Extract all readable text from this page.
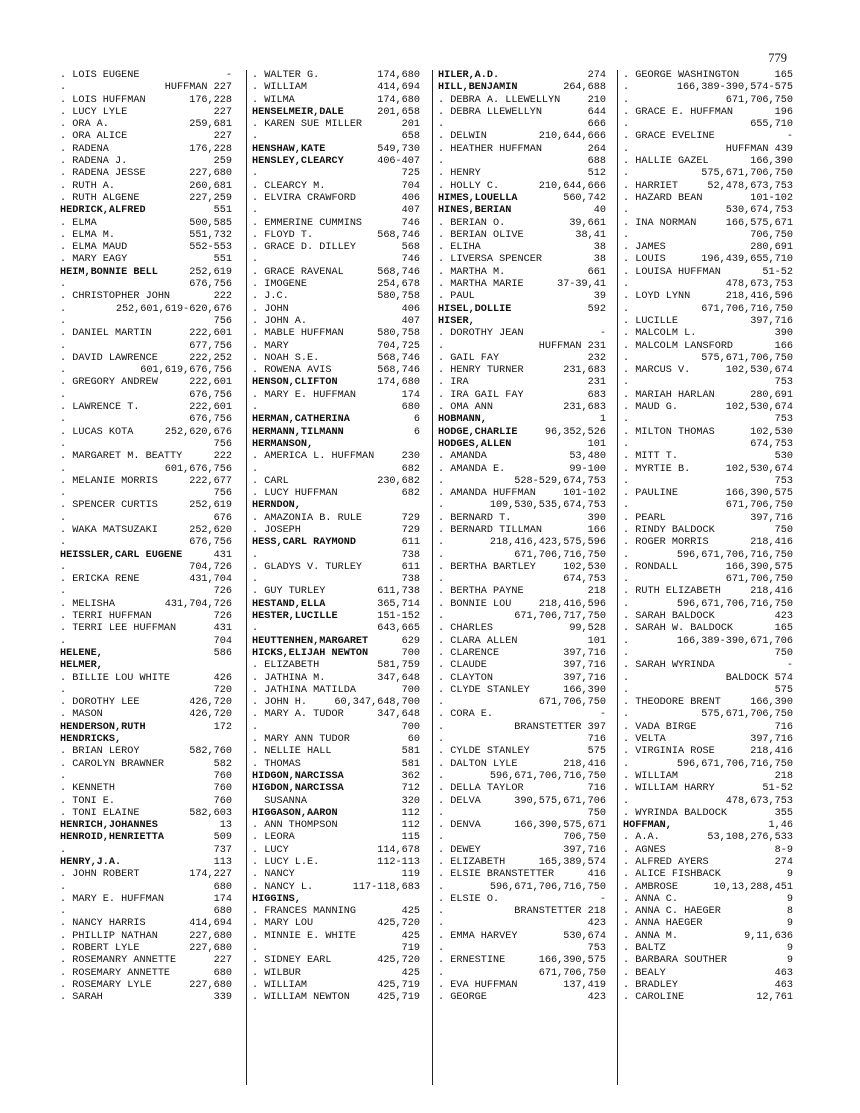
779
. LOIS EUGENE	-
.	HUFFMAN 227
. LOIS HUFFMAN	176,228
. LUCY LYLE	227
. ORA A.	259,681
. ORA ALICE	227
. RADENA	176,228
. RADENA J.	259
. RADENA JESSE	227,680
. RUTH A.	260,681
. RUTH ALGENE	227,259
HEDRICK,ALFRED	551
. ELMA	500,585
. ELMA M.	551,732
. ELMA MAUD	552-553
. MARY EAGY	551
HEIM,BONNIE BELL	252,619
.	676,756
. CHRISTOPHER JOHN	222
.	252,601,619-620,676
.	756
. DANIEL MARTIN	222,601
.	677,756
. DAVID LAWRENCE	222,252
.	601,619,676,756
. GREGORY ANDREW	222,601
.	676,756
. LAWRENCE T.	222,601
.	676,756
. LUCAS KOTA	252,620,676
.	756
. MARGARET M. BEATTY	222
.	601,676,756
. MELANIE MORRIS	222,677
.	756
. SPENCER CURTIS	252,619
.	676
. WAKA MATSUZAKI	252,620
.	676,756
HEISSLER,CARL EUGENE	431
.	704,726
. ERICKA RENE	431,704
.	726
. MELISHA	431,704,726
. TERRI HUFFMAN	726
. TERRI LEE HUFFMAN	431
.	704
HELENE,	586
HELMER,
. BILLIE LOU WHITE	426
.	720
. DOROTHY LEE	426,720
. MASON	426,720
HENDERSON,RUTH	172
HENDRICKS,
. BRIAN LEROY	582,760
. CAROLYN BRAWNER	582
.	760
. KENNETH	760
. TONI E.	760
. TONI ELAINE	582,603
HENRICH,JOHANNES	13
HENROID,HENRIETTA	509
.	737
HENRY,J.A.	113
. JOHN ROBERT	174,227
.	680
. MARY E. HUFFMAN	174
.	680
. NANCY HARRIS	414,694
. PHILLIP NATHAN	227,680
. ROBERT LYLE	227,680
. ROSEMANRY ANNETTE	227
. ROSEMARY ANNETTE	680
. ROSEMARY LYLE	227,680
. SARAH	339
. WALTER G.	174,680
. WILLIAM	414,694
. WILMA	174,680
HENSELMEIR,DALE	201,658
. KAREN SUE MILLER	201
.	658
HENSHAW,KATE	549,730
HENSLEY,CLEARCY	406-407
.	725
. CLEARCY M.	704
. ELVIRA CRAWFORD	406
.	407
. EMMERINE CUMMINS	746
. FLOYD T.	568,746
. GRACE D. DILLEY	568
.	746
. GRACE RAVENAL	568,746
. IMOGENE	254,678
. J.C.	580,758
. JOHN	406
. JOHN A.	407
. MABLE HUFFMAN	580,758
. MARY	704,725
. NOAH S.E.	568,746
. ROWENA AVIS	568,746
HENSON,CLIFTON	174,680
. MARY E. HUFFMAN	174
.	680
HERMAN,CATHERINA	6
HERMANN,TILMANN	6
HERMANSON,
. AMERICA L. HUFFMAN	230
.	682
. CARL	230,682
. LUCY HUFFMAN	682
HERNDON,
. AMAZONIA B. RULE	729
. JOSEPH	729
HESS,CARL RAYMOND	611
.	738
. GLADYS V. TURLEY	611
.	738
. GUY TURLEY	611,738
HESTAND,ELLA	365,714
HESTER,LUCILLE	151-152
.	643,665
HEUTTENHEN,MARGARET	629
HICKS,ELIJAH NEWTON	700
. ELIZABETH	581,759
. JATHINA M.	347,648
. JATHINA MATILDA	700
. JOHN H.	60,347,648,700
. MARY A. TUDOR	347,648
.	700
. MARY ANN TUDOR	60
. NELLIE HALL	581
. THOMAS	581
HIDGON,NARCISSA	362
HIGDON,NARCISSA	712
SUSANNA	320
HIGGASON,AARON	112
. ANN THOMPSON	112
. LEORA	115
. LUCY	114,678
. LUCY L.E.	112-113
. NANCY	119
. NANCY L.	117-118,683
HIGGINS,
. FRANCES MANNING	425
. MARY LOU	425,720
. MINNIE E. WHITE	425
.	719
. SIDNEY EARL	425,720
. WILBUR	425
. WILLIAM	425,719
. WILLIAM NEWTON	425,719
HILER,A.D.	274
HILL,BENJAMIN	264,688
. DEBRA A. LLEWELLYN	210
. DEBRA LLEWELLYN	644
.	666
. DELWIN	210,644,666
. HEATHER HUFFMAN	264
.	688
. HENRY	512
. HOLLY C.	210,644,666
HIMES,LOUELLA	560,742
HINES,BERIAN	40
. BERIAN O.	39,661
. BERIAN OLIVE	38,41
. ELIHA	38
. LIVERSA SPENCER	38
. MARTHA M.	661
. MARTHA MARIE	37-39,41
. PAUL	39
HISEL,DOLLIE	592
HISER,
. DOROTHY JEAN	-
.	HUFFMAN 231
. GAIL FAY	232
. HENRY TURNER	231,683
. IRA	231
. IRA GAIL FAY	683
. OMA ANN	231,683
HOBMANN,	1
HODGE,CHARLIE	96,352,526
HODGES,ALLEN	101
. AMANDA	53,480
. AMANDA E.	99-100
.	528-529,674,753
. AMANDA HUFFMAN	101-102
.	109,530,535,674,753
. BERNARD T.	390
. BERNARD TILLMAN	166
.	218,416,423,575,596
.	671,706,716,750
. BERTHA BARTLEY	102,530
.	674,753
. BERTHA PAYNE	218
. BONNIE LOU	218,416,596
.	671,706,717,750
. CHARLES	99,528
. CLARA ALLEN	101
. CLARENCE	397,716
. CLAUDE	397,716
. CLAYTON	397,716
. CLYDE STANLEY	166,390
.	671,706,750
. CORA E.	-
.	BRANSTETTER 397
.	716
. CYLDE STANLEY	575
. DALTON LYLE	218,416
.	596,671,706,716,750
. DELLA TAYLOR	716
. DELVA	390,575,671,706
.	750
. DENVA	166,390,575,671
.	706,750
. DEWEY	397,716
. ELIZABETH	165,389,574
. ELSIE BRANSTETTER	416
.	596,671,706,716,750
. ELSIE O.	-
.	BRANSTETTER 218
.	423
. EMMA HARVEY	530,674
.	753
. ERNESTINE	166,390,575
.	671,706,750
. EVA HUFFMAN	137,419
. GEORGE	423
. GEORGE WASHINGTON	165
.	166,389-390,574-575
.	671,706,750
. GRACE E. HUFFMAN	196
.	655,710
. GRACE EVELINE	-
.	HUFFMAN 439
. HALLIE GAZEL	166,390
.	575,671,706,750
. HARRIET	52,478,673,753
. HAZARD BEAN	101-102
.	530,674,753
. INA NORMAN	166,575,671
.	706,750
. JAMES	280,691
. LOUIS	196,439,655,710
. LOUISA HUFFMAN	51-52
.	478,673,753
. LOYD LYNN	218,416,596
.	671,706,716,750
. LUCILLE	397,716
. MALCOLM L.	390
. MALCOLM LANSFORD	166
.	575,671,706,750
. MARCUS V.	102,530,674
.	753
. MARIAH HARLAN	280,691
. MAUD G.	102,530,674
.	753
. MILTON THOMAS	102,530
.	674,753
. MITT T.	530
. MYRTIE B.	102,530,674
.	753
. PAULINE	166,390,575
.	671,706,750
. PEARL	397,716
. RINDY BALDOCK	750
. ROGER MORRIS	218,416
.	596,671,706,716,750
. RONDALL	166,390,575
.	671,706,750
. RUTH ELIZABETH	218,416
.	596,671,706,716,750
. SARAH BALDOCK	423
. SARAH W. BALDOCK	165
.	166,389-390,671,706
.	750
. SARAH WYRINDA	-
.	BALDOCK 574
.	575
. THEODORE BRENT	166,390
.	575,671,706,750
. VADA BIRGE	716
. VELTA	397,716
. VIRGINIA ROSE	218,416
.	596,671,706,716,750
. WILLIAM	218
. WILLIAM HARRY	51-52
.	478,673,753
. WYRINDA BALDOCK	355
HOFFMAN,	1,46
. A.A.	53,108,276,533
. AGNES	8-9
. ALFRED AYERS	274
. ALICE FISHBACK	9
. AMBROSE	10,13,288,451
. ANNA C.	9
. ANNA C. HAEGER	8
. ANNA HAEGER	9
. ANNA M.	9,11,636
. BALTZ	9
. BARBARA SOUTHER	9
. BEALY	463
. BRADLEY	463
. CAROLINE	12,761
